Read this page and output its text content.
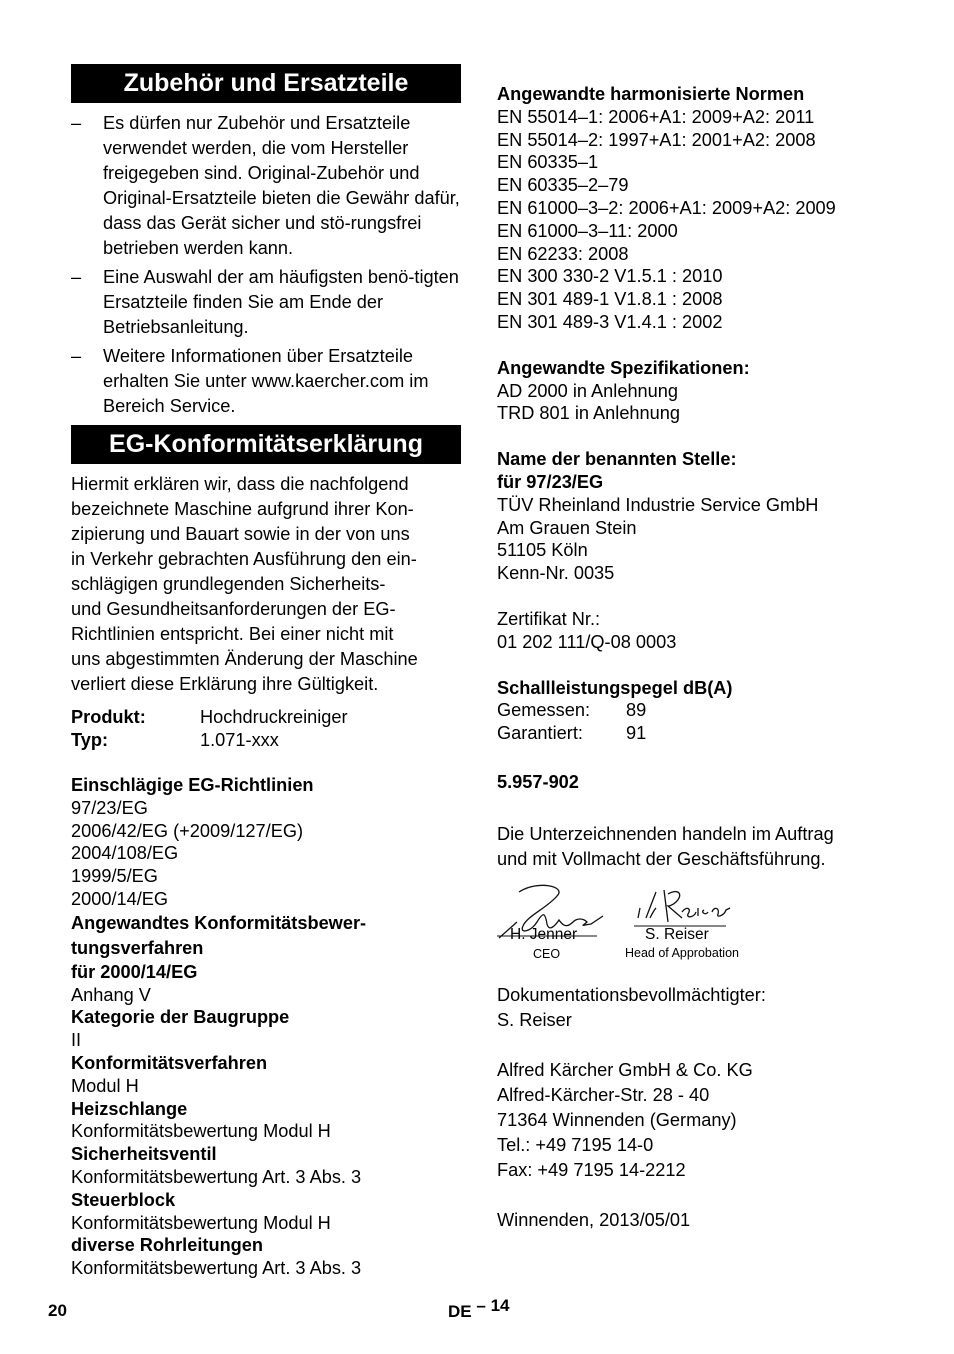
Zubehör und Ersatzteile
– Es dürfen nur Zubehör und Ersatzteile verwendet werden, die vom Hersteller freigegeben sind. Original-Zubehör und Original-Ersatzteile bieten die Gewähr dafür, dass das Gerät sicher und stö-rungsfrei betrieben werden kann.
– Eine Auswahl der am häufigsten benö-tigten Ersatzteile finden Sie am Ende der Betriebsanleitung.
– Weitere Informationen über Ersatzteile erhalten Sie unter www.kaercher.com im Bereich Service.
EG-Konformitätserklärung
Hiermit erklären wir, dass die nachfolgend
bezeichnete Maschine aufgrund ihrer Kon-
zipierung und Bauart sowie in der von uns
in Verkehr gebrachten Ausführung den ein-
schlägigen grundlegenden Sicherheits-
und Gesundheitsanforderungen der EG-
Richtlinien entspricht. Bei einer nicht mit
uns abgestimmten Änderung der Maschine
verliert diese Erklärung ihre Gültigkeit.
Produkt:	Hochdruckreiniger
Typ:	1.071-xxx
Einschlägige EG-Richtlinien
97/23/EG
2006/42/EG (+2009/127/EG)
2004/108/EG
1999/5/EG
2000/14/EG
Angewandtes Konformitätsbewer-
tungsverfahren
für 2000/14/EG
Anhang V
Kategorie der Baugruppe
II
Konformitätsverfahren
Modul H
Heizschlange
Konformitätsbewertung Modul H
Sicherheitsventil
Konformitätsbewertung Art. 3 Abs. 3
Steuerblock
Konformitätsbewertung Modul H
diverse Rohrleitungen
Konformitätsbewertung Art. 3 Abs. 3
Angewandte harmonisierte Normen
EN 55014–1: 2006+A1: 2009+A2: 2011
EN 55014–2: 1997+A1: 2001+A2: 2008
EN 60335–1
EN 60335–2–79
EN 61000–3–2: 2006+A1: 2009+A2: 2009
EN 61000–3–11: 2000
EN 62233: 2008
EN 300 330-2 V1.5.1 : 2010
EN 301 489-1 V1.8.1 : 2008
EN 301 489-3 V1.4.1 : 2002
Angewandte Spezifikationen:
AD 2000 in Anlehnung
TRD 801 in Anlehnung
Name der benannten Stelle:
für 97/23/EG
TÜV Rheinland Industrie Service GmbH
Am Grauen Stein
51105 Köln
Kenn-Nr. 0035
Zertifikat Nr.:
01 202 111/Q-08 0003
Schallleistungspegel dB(A)
Gemessen: 89
Garantiert: 91
5.957-902
Die Unterzeichnenden handeln im Auftrag
und mit Vollmacht der Geschäftsführung.
H. Jenner
CEO
S. Reiser
Head of Approbation
Dokumentationsbevollmächtigter:
S. Reiser
Alfred Kärcher GmbH & Co. KG
Alfred-Kärcher-Str. 28 - 40
71364 Winnenden (Germany)
Tel.: +49 7195 14-0
Fax: +49 7195 14-2212
Winnenden, 2013/05/01
20	DE – 14
